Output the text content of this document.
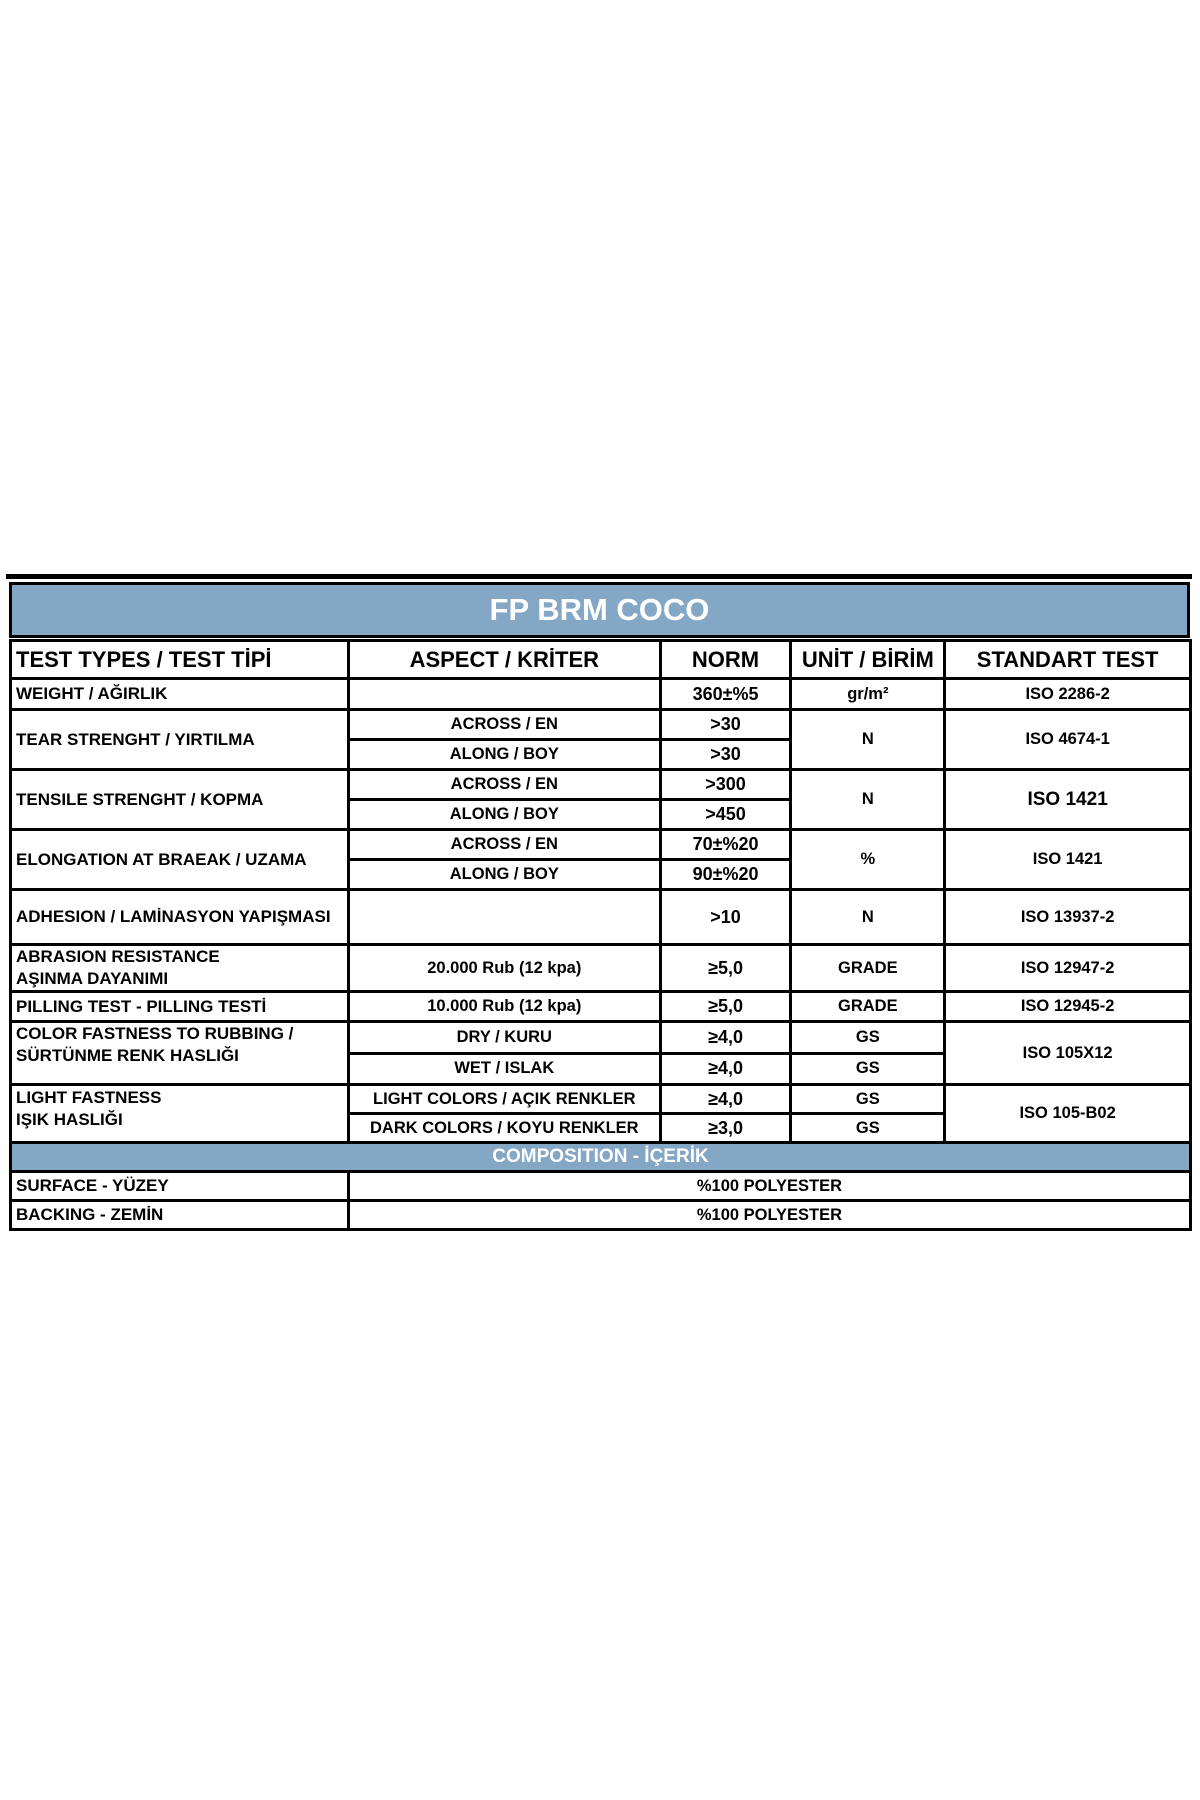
FP BRM COCO
TEST TYPES / TEST TİPİ	ASPECT / KRİTER	NORM	UNİT / BİRİM	STANDART TEST
WEIGHT / AĞIRLIK		360±%5	gr/m²	ISO 2286-2
TEAR STRENGHT / YIRTILMA	ACROSS / EN	>30	N	ISO 4674-1
	ALONG / BOY	>30		
TENSILE STRENGHT / KOPMA	ACROSS / EN	>300	N	ISO 1421
	ALONG / BOY	>450		
ELONGATION AT BRAEAK / UZAMA	ACROSS / EN	70±%20	%	ISO 1421
	ALONG / BOY	90±%20		
ADHESION / LAMİNASYON YAPIŞMASI		>10	N	ISO 13937-2

ABRASION RESISTANCE
AŞINMA DAYANIMI	20.000 Rub (12 kpa)	≥5,0	GRADE	ISO 12947-2
PILLING TEST - PILLING TESTİ	10.000 Rub (12 kpa)	≥5,0	GRADE	ISO 12945-2

COLOR FASTNESS TO RUBBING /
SÜRTÜNME RENK HASLIĞI	DRY / KURU	≥4,0	GS	ISO 105X12
	WET / ISLAK	≥4,0	GS	

LIGHT FASTNESS
IŞIK HASLIĞI	LIGHT COLORS / AÇIK RENKLER	≥4,0	GS	ISO 105-B02
	DARK COLORS / KOYU RENKLER	≥3,0	GS	
COMPOSITION - İÇERİK				
SURFACE - YÜZEY	%100 POLYESTER			
BACKING - ZEMİN	%100 POLYESTER			
